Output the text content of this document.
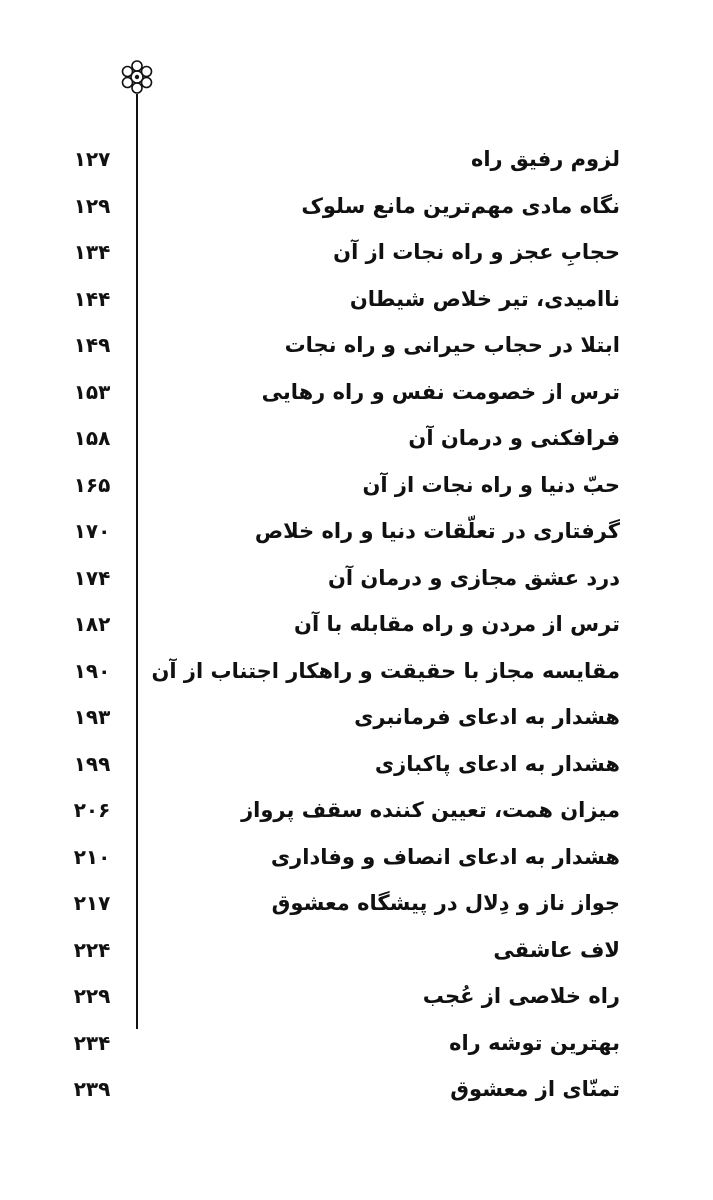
لزوم رفیق راه
۱۲۷
نگاه مادی مهم‌ترین مانع سلوک
۱۲۹
حجابِ عجز و راه نجات از آن
۱۳۴
ناامیدی، تیر خلاص شیطان
۱۴۴
ابتلا در حجاب حیرانی و راه نجات
۱۴۹
ترس از خصومت نفس و راه رهایی
۱۵۳
فرافکنی و درمان آن
۱۵۸
حبّ دنیا و راه نجات از آن
۱۶۵
گرفتاری در تعلّقات دنیا و راه خلاص
۱۷۰
درد عشق مجازی و درمان آن
۱۷۴
ترس از مردن و راه مقابله با آن
۱۸۲
مقایسه مجاز با حقیقت و راهکار اجتناب از آن
۱۹۰
هشدار به ادعای فرمانبری
۱۹۳
هشدار به ادعای پاکبازی
۱۹۹
میزان همت، تعیین کننده سقف پرواز
۲۰۶
هشدار به ادعای انصاف و وفاداری
۲۱۰
جواز ناز و دِلال در پیشگاه معشوق
۲۱۷
لاف عاشقی
۲۲۴
راه خلاصی از عُجب
۲۲۹
بهترین توشه راه
۲۳۴
تمنّای از معشوق
۲۳۹
